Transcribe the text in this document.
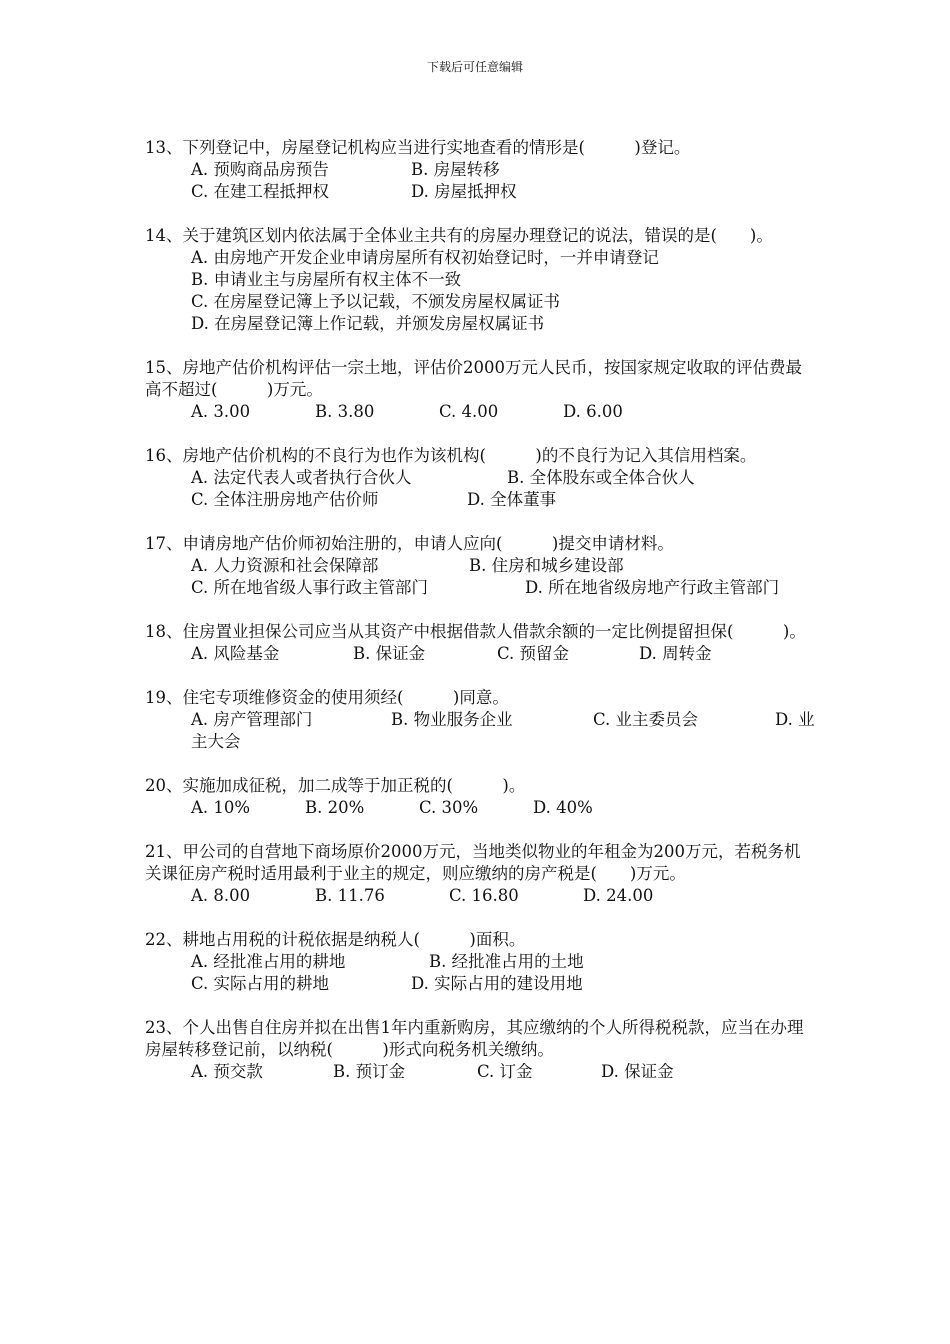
下载后可任意编辑
13、下列登记中，房屋登记机构应当进行实地查看的情形是(　　　)登记。
A. 预购商品房预告	B. 房屋转移
C. 在建工程抵押权	D. 房屋抵押权
14、关于建筑区划内依法属于全体业主共有的房屋办理登记的说法，错误的是(　　)。
A. 由房地产开发企业申请房屋所有权初始登记时，一并申请登记
B. 申请业主与房屋所有权主体不一致
C. 在房屋登记簿上予以记载，不颁发房屋权属证书
D. 在房屋登记簿上作记载，并颁发房屋权属证书
15、房地产估价机构评估一宗土地，评估价2000万元人民币，按国家规定收取的评估费最高不超过(　　　)万元。
A. 3.00	B. 3.80	C. 4.00	D. 6.00
16、房地产估价机构的不良行为也作为该机构(　　　)的不良行为记入其信用档案。
A. 法定代表人或者执行合伙人	B. 全体股东或全体合伙人
C. 全体注册房地产估价师	D. 全体董事
17、申请房地产估价师初始注册的，申请人应向(　　　)提交申请材料。
A. 人力资源和社会保障部	B. 住房和城乡建设部
C. 所在地省级人事行政主管部门	D. 所在地省级房地产行政主管部门
18、住房置业担保公司应当从其资产中根据借款人借款余额的一定比例提留担保(　　　)。
A. 风险基金	B. 保证金	C. 预留金	D. 周转金
19、住宅专项维修资金的使用须经(　　　)同意。
A. 房产管理部门	B. 物业服务企业	C. 业主委员会	D. 业主大会
20、实施加成征税，加二成等于加正税的(　　　)。
A. 10%	B. 20%	C. 30%	D. 40%
21、甲公司的自营地下商场原价2000万元，当地类似物业的年租金为200万元，若税务机关课征房产税时适用最利于业主的规定，则应缴纳的房产税是(　　)万元。
A. 8.00	B. 11.76	C. 16.80	D. 24.00
22、耕地占用税的计税依据是纳税人(　　　)面积。
A. 经批准占用的耕地	B. 经批准占用的土地
C. 实际占用的耕地	D. 实际占用的建设用地
23、个人出售自住房并拟在出售1年内重新购房，其应缴纳的个人所得税税款，应当在办理房屋转移登记前，以纳税(　　　)形式向税务机关缴纳。
A. 预交款	B. 预订金	C. 订金	D. 保证金
